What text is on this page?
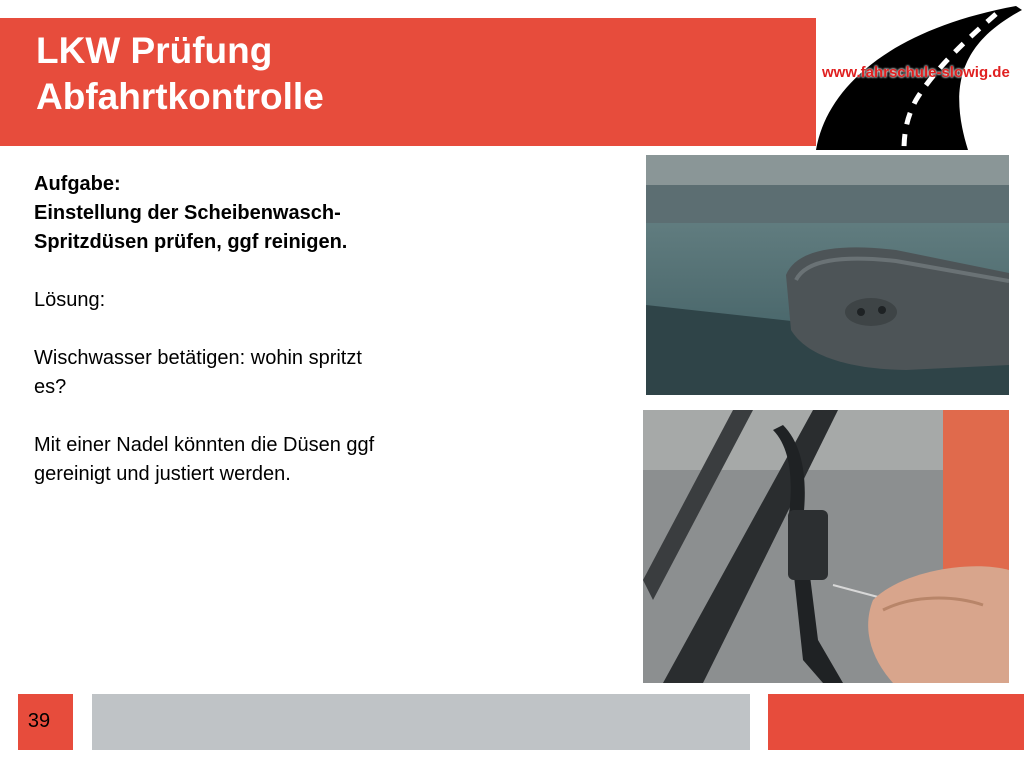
LKW Prüfung
Abfahrtkontrolle
www.fahrschule-slowig.de

Aufgabe:

Einstellung der Scheibenwasch-

Spritzdüsen prüfen, ggf reinigen.

Lösung:

Wischwasser betätigen: wohin spritzt

es?

Mit einer Nadel könnten die Düsen ggf

gereinigt und justiert werden.

39
